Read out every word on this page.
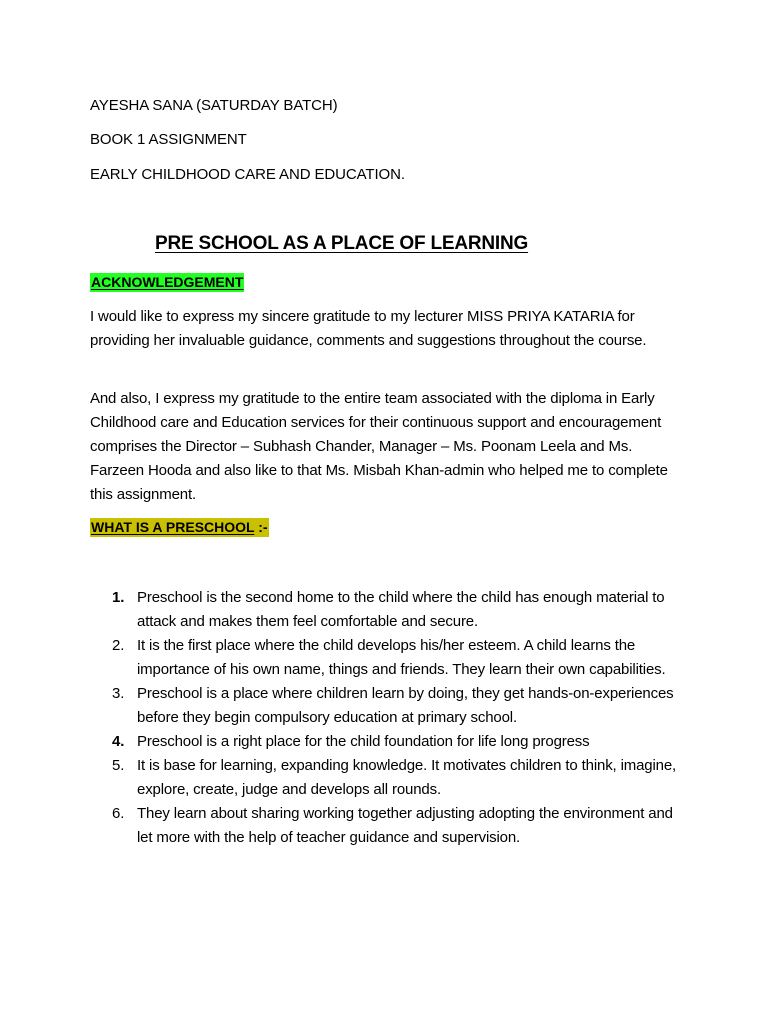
AYESHA SANA (SATURDAY BATCH)

BOOK 1 ASSIGNMENT

EARLY CHILDHOOD CARE AND EDUCATION.

PRE SCHOOL AS A PLACE OF LEARNING
ACKNOWLEDGEMENT

I would like to express my sincere gratitude to my lecturer MISS PRIYA KATARIA for providing her invaluable guidance, comments and suggestions throughout the course.

And also, I express my gratitude to the entire team associated with the diploma in Early Childhood care and Education services for their continuous support and encouragement comprises the Director – Subhash Chander, Manager – Ms. Poonam Leela and Ms. Farzeen Hooda and also like to that Ms. Misbah Khan-admin who helped me to complete this assignment.

WHAT IS A PRESCHOOL :-
1. Preschool is the second home to the child where the child has enough material to attack and makes them feel comfortable and secure.
2. It is the first place where the child develops his/her esteem. A child learns the importance of his own name, things and friends. They learn their own capabilities.
3. Preschool is a place where children learn by doing, they get hands-on-experiences before they begin compulsory education at primary school.
4. Preschool is a right place for the child foundation for life long progress
5. It is base for learning, expanding knowledge. It motivates children to think, imagine, explore, create, judge and develops all rounds.
6. They learn about sharing working together adjusting adopting the environment and let more with the help of teacher guidance and supervision.
